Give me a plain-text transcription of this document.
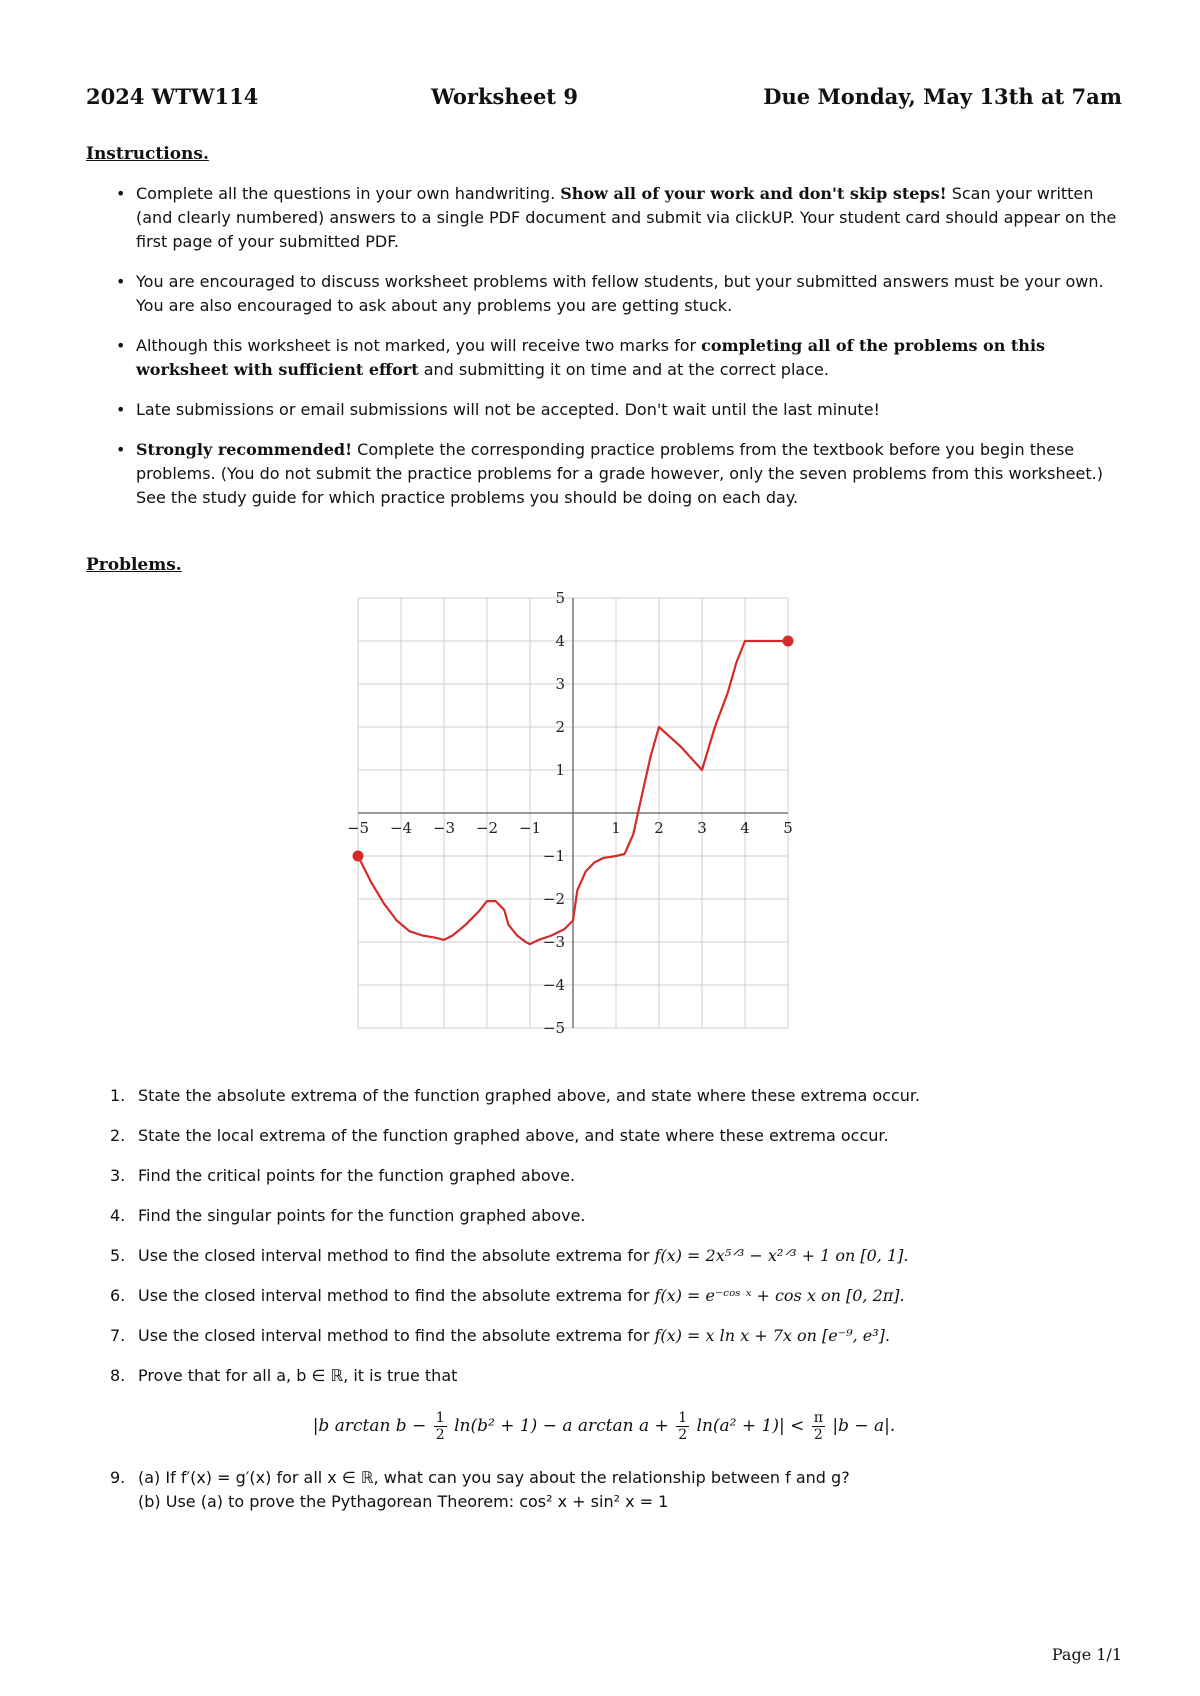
2024 WTW114	Worksheet 9	Due Monday, May 13th at 7am
Instructions.
• Complete all the questions in your own handwriting. Show all of your work and don't skip steps! Scan your written (and clearly numbered) answers to a single PDF document and submit via clickUP. Your student card should appear on the first page of your submitted PDF.
• You are encouraged to discuss worksheet problems with fellow students, but your submitted answers must be your own. You are also encouraged to ask about any problems you are getting stuck.
• Although this worksheet is not marked, you will receive two marks for completing all of the problems on this worksheet with sufficient effort and submitting it on time and at the correct place.
• Late submissions or email submissions will not be accepted. Don't wait until the last minute!
• Strongly recommended! Complete the corresponding practice problems from the textbook before you begin these problems. (You do not submit the practice problems for a grade however, only the seven problems from this worksheet.) See the study guide for which practice problems you should be doing on each day.
Problems.
−5 −4 −3 −2 −1	1 2 3 4 5
5
4
3
2
1
−1
−2
−3
−4
−5
1. State the absolute extrema of the function graphed above, and state where these extrema occur.
2. State the local extrema of the function graphed above, and state where these extrema occur.
3. Find the critical points for the function graphed above.
4. Find the singular points for the function graphed above.
5. Use the closed interval method to find the absolute extrema for f(x) = 2x⁵ᐟ³ − x²ᐟ³ + 1 on [0, 1].
6. Use the closed interval method to find the absolute extrema for f(x) = e⁻ᶜᵒˢ ˣ + cos x on [0, 2π].
7. Use the closed interval method to find the absolute extrema for f(x) = x ln x + 7x on [e⁻⁹, e³].
8. Prove that for all a, b ∈ ℝ, it is true that
|b $\arctan b - \frac{1}{2} \ln(b^2 + 1) - a$ $\arctan a + \frac{1}{2} \ln(a^2 + 1)| < \frac{\pi}{2} |b - a|$.
9. (a) If f′(x) = g′(x) for all x ∈ ℝ, what can you say about the relationship between f and g?
(b) Use (a) to prove the Pythagorean Theorem: cos² x + sin² x = 1
Page 1/1
